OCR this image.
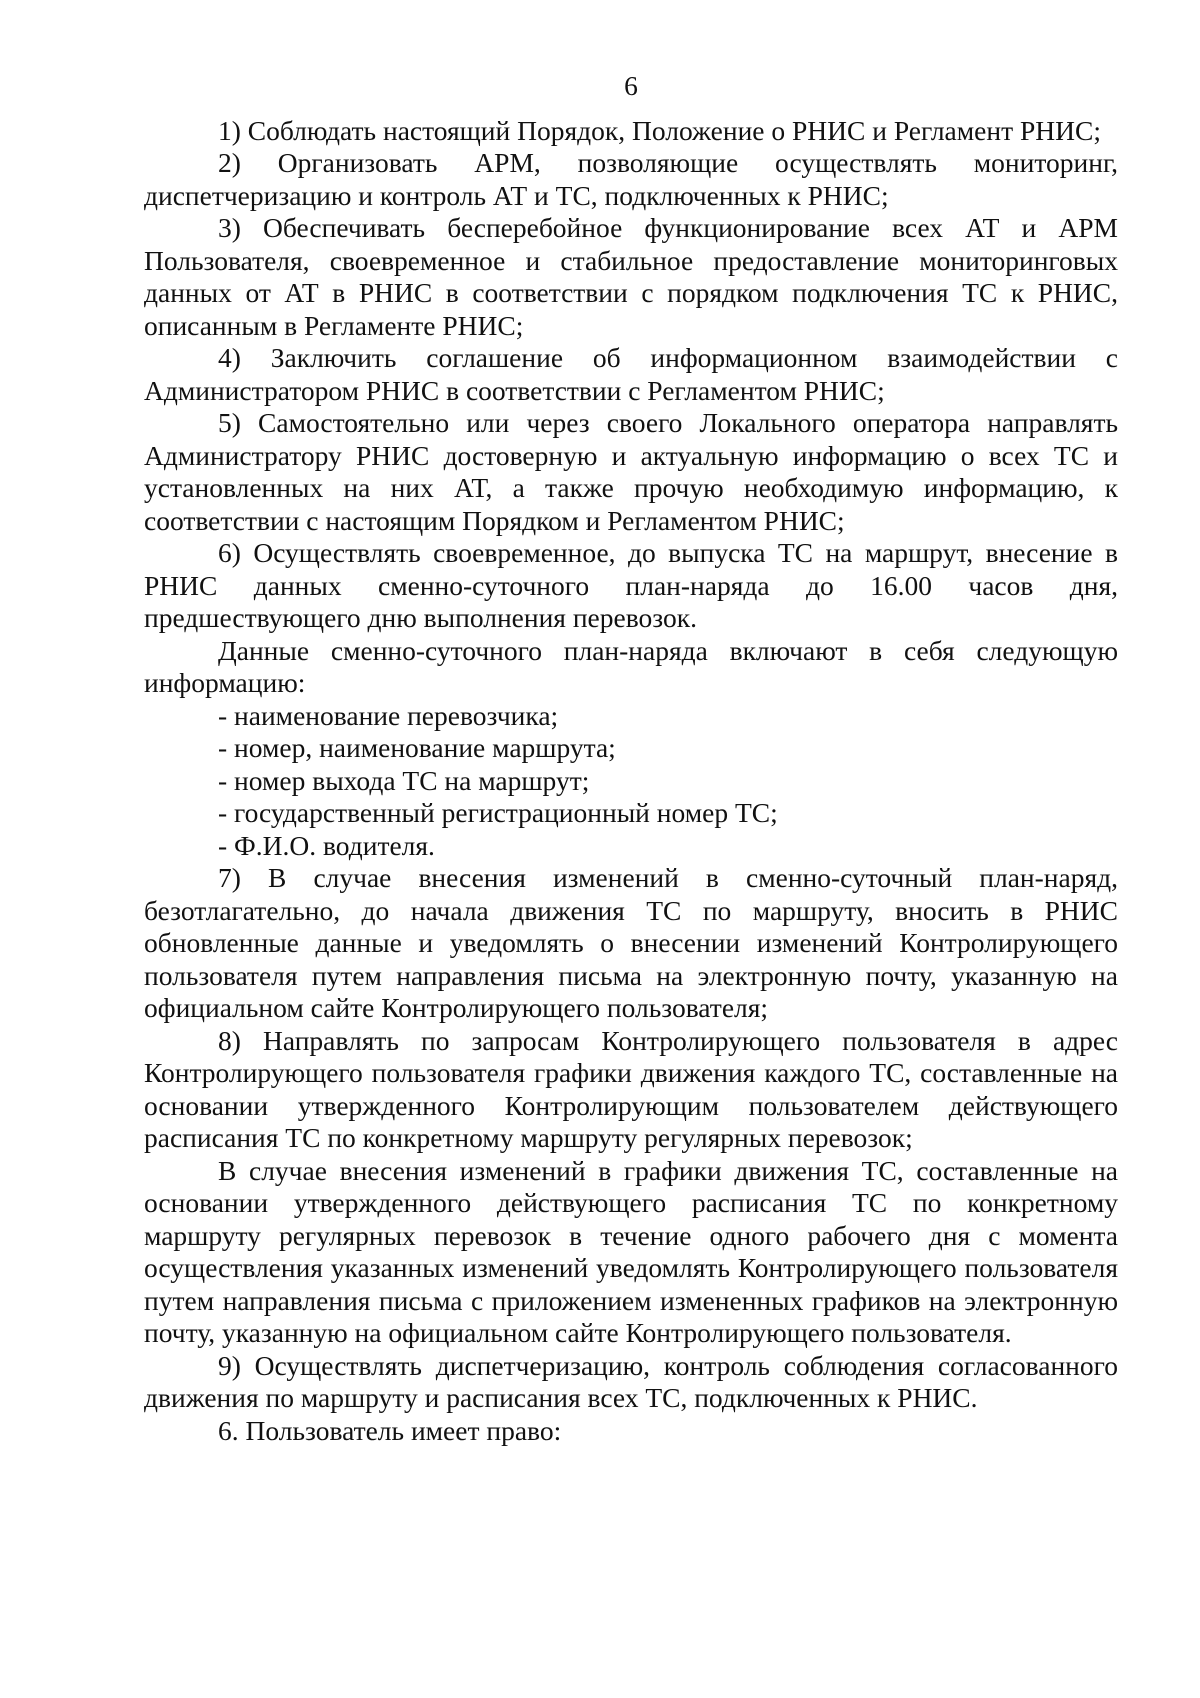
6

1) Соблюдать настоящий Порядок, Положение о РНИС и Регламент РНИС;

2) Организовать АРМ, позволяющие осуществлять мониторинг, диспетчеризацию и контроль АТ и ТС, подключенных к РНИС;

3) Обеспечивать бесперебойное функционирование всех АТ и АРМ Пользователя, своевременное и стабильное предоставление мониторинговых данных от АТ в РНИС в соответствии с порядком подключения ТС к РНИС, описанным в Регламенте РНИС;

4) Заключить соглашение об информационном взаимодействии с Администратором РНИС в соответствии с Регламентом РНИС;

5) Самостоятельно или через своего Локального оператора направлять Администратору РНИС достоверную и актуальную информацию о всех ТС и установленных на них АТ, а также прочую необходимую информацию, к соответствии с настоящим Порядком и Регламентом РНИС;

6) Осуществлять своевременное, до выпуска ТС на маршрут, внесение в РНИС данных сменно-суточного план-наряда до 16.00 часов дня, предшествующего дню выполнения перевозок.

Данные сменно-суточного план-наряда включают в себя следующую информацию:

- наименование перевозчика;

- номер, наименование маршрута;

- номер выхода ТС на маршрут;

- государственный регистрационный номер ТС;

- Ф.И.О. водителя.

7) В случае внесения изменений в сменно-суточный план-наряд, безотлагательно, до начала движения ТС по маршруту, вносить в РНИС обновленные данные и уведомлять о внесении изменений Контролирующего пользователя путем направления письма на электронную почту, указанную на официальном сайте Контролирующего пользователя;

8) Направлять по запросам Контролирующего пользователя в адрес Контролирующего пользователя графики движения каждого ТС, составленные на основании утвержденного Контролирующим пользователем действующего расписания ТС по конкретному маршруту регулярных перевозок;

В случае внесения изменений в графики движения ТС, составленные на основании утвержденного действующего расписания ТС по конкретному маршруту регулярных перевозок в течение одного рабочего дня с момента осуществления указанных изменений уведомлять Контролирующего пользователя путем направления письма с приложением измененных графиков на электронную почту, указанную на официальном сайте Контролирующего пользователя.

9) Осуществлять диспетчеризацию, контроль соблюдения согласованного движения по маршруту и расписания всех ТС, подключенных к РНИС.

6. Пользователь имеет право:
